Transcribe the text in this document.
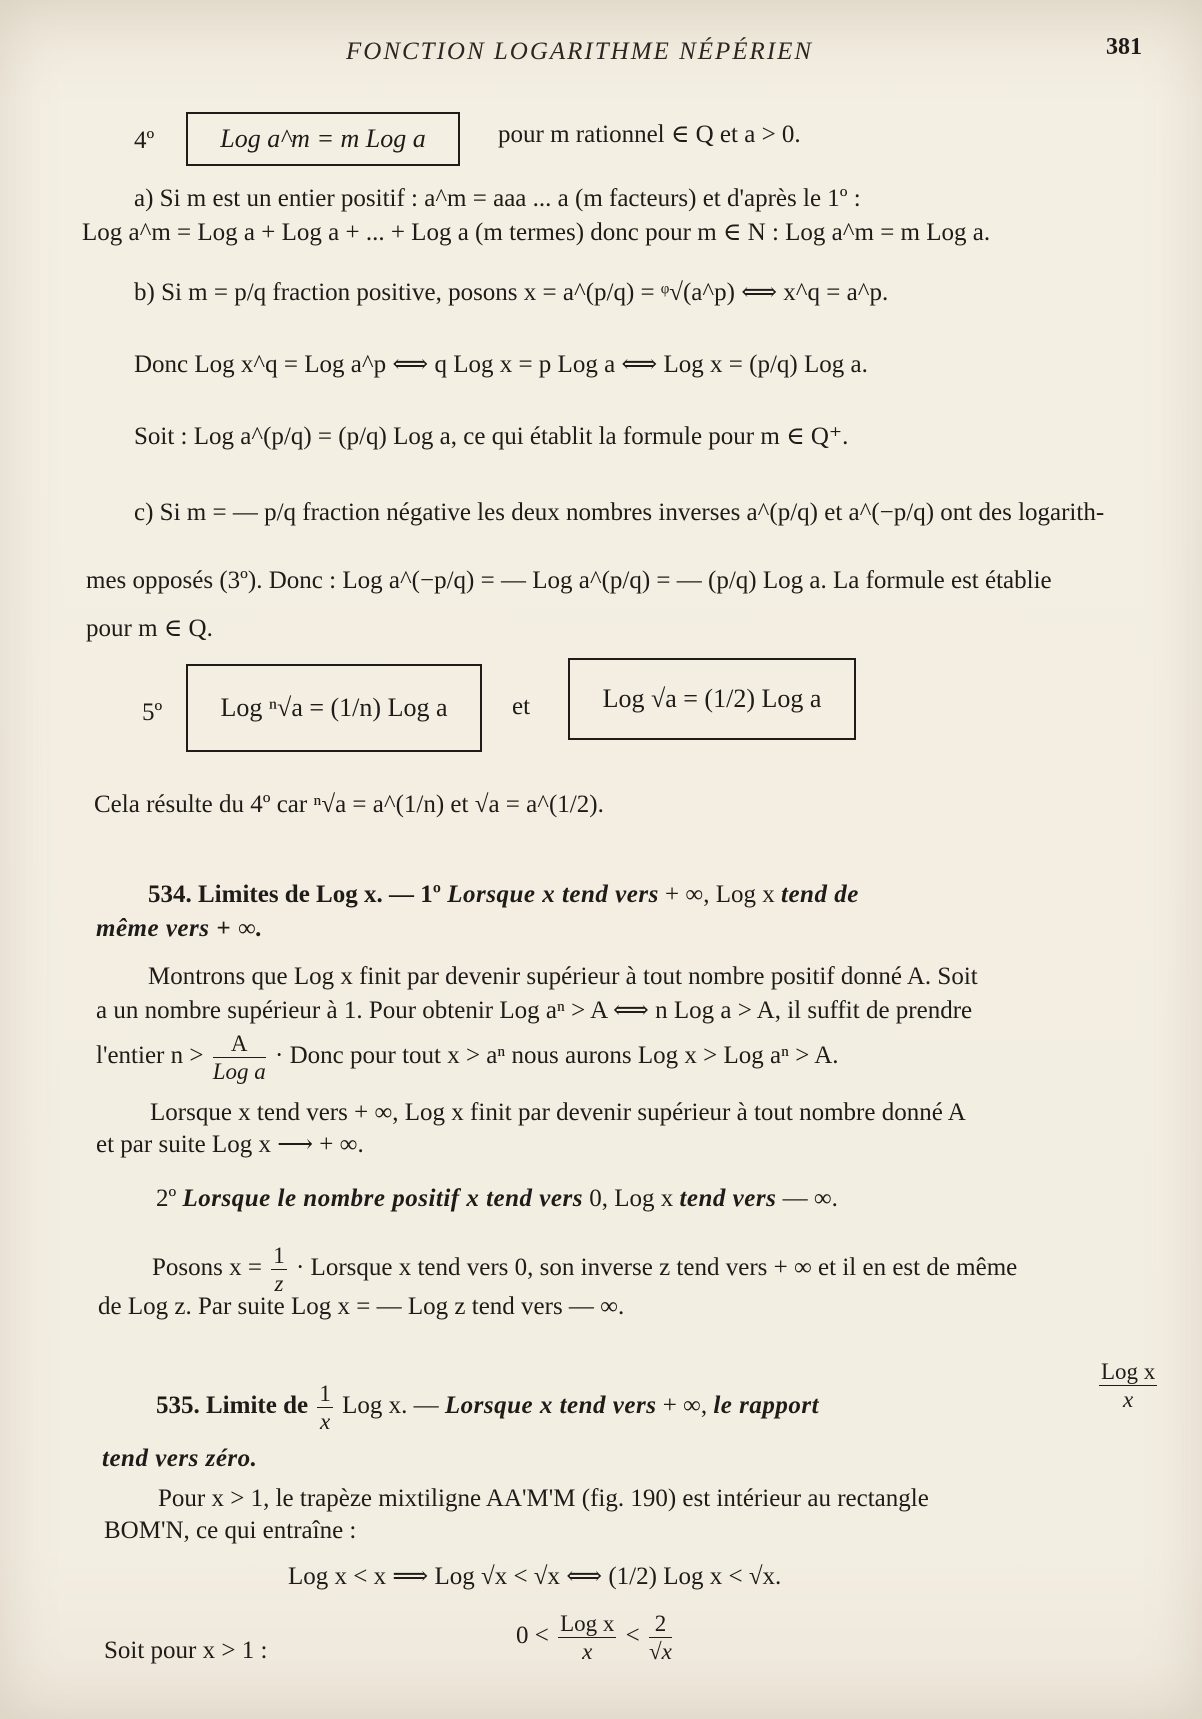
FONCTION LOGARITHME NÉPÉRIEN	381
4º	Log a^m = m Log a	pour m rationnel ∈ Q et a > 0.
a) Si m est un entier positif : a^m = aaa ... a (m facteurs) et d'après le 1º :
Log a^m = Log a + Log a + ... + Log a (m termes) donc pour m ∈ N : Log a^m = m Log a.
b) Si m = p/q fraction positive, posons x = a^(p/q) = ᵠ√(a^p) ⟺ x^q = a^p.
Donc Log x^q = Log a^p ⟺ q Log x = p Log a ⟺ Log x = (p/q) Log a.
Soit : Log a^(p/q) = (p/q) Log a, ce qui établit la formule pour m ∈ Q⁺.
c) Si m = — p/q fraction négative les deux nombres inverses a^(p/q) et a^(−p/q) ont des logarith-
mes opposés (3º). Donc : Log a^(−p/q) = — Log a^(p/q) = — (p/q) Log a. La formule est établie
pour m ∈ Q.
5º Log ⁿ√a = (1/n) Log a	et	Log √a = (1/2) Log a
Cela résulte du 4º car ⁿ√a = a^(1/n) et √a = a^(1/2).
534. Limites de Log x. — 1º Lorsque x tend vers + ∞, Log x tend de
même vers + ∞.
Montrons que Log x finit par devenir supérieur à tout nombre positif donné A. Soit
a un nombre supérieur à 1. Pour obtenir Log aⁿ > A ⟺ n Log a > A, il suffit de prendre
l'entier $n > \frac{A}{\text{Log a}}$ · Donc pour tout x > aⁿ nous aurons Log x > Log aⁿ > A.
Lorsque x tend vers + ∞, Log x finit par devenir supérieur à tout nombre donné A
et par suite Log x ⟶ + ∞.
2º Lorsque le nombre positif x tend vers 0, Log x tend vers — ∞.
Posons $x = \frac{1}{z}$ · Lorsque x tend vers 0, son inverse z tend vers + ∞ et il en est de même
de Log z. Par suite Log x = — Log z tend vers — ∞.
535. Limite de $\frac{1}{x}$ Log x. — Lorsque x tend vers + ∞, le rapport	$\frac{\text{Log x}}{x}$
tend vers zéro.
Pour x > 1, le trapèze mixtiligne AA'M'M (fig. 190) est intérieur au rectangle
BOM'N, ce qui entraîne :
Log x < x ⟹ Log √x < √x ⟺ (1/2) Log x < √x.
Soit pour x > 1 :
$0 < \frac{\text{Log x}}{x} < \frac{2}{√x}$
